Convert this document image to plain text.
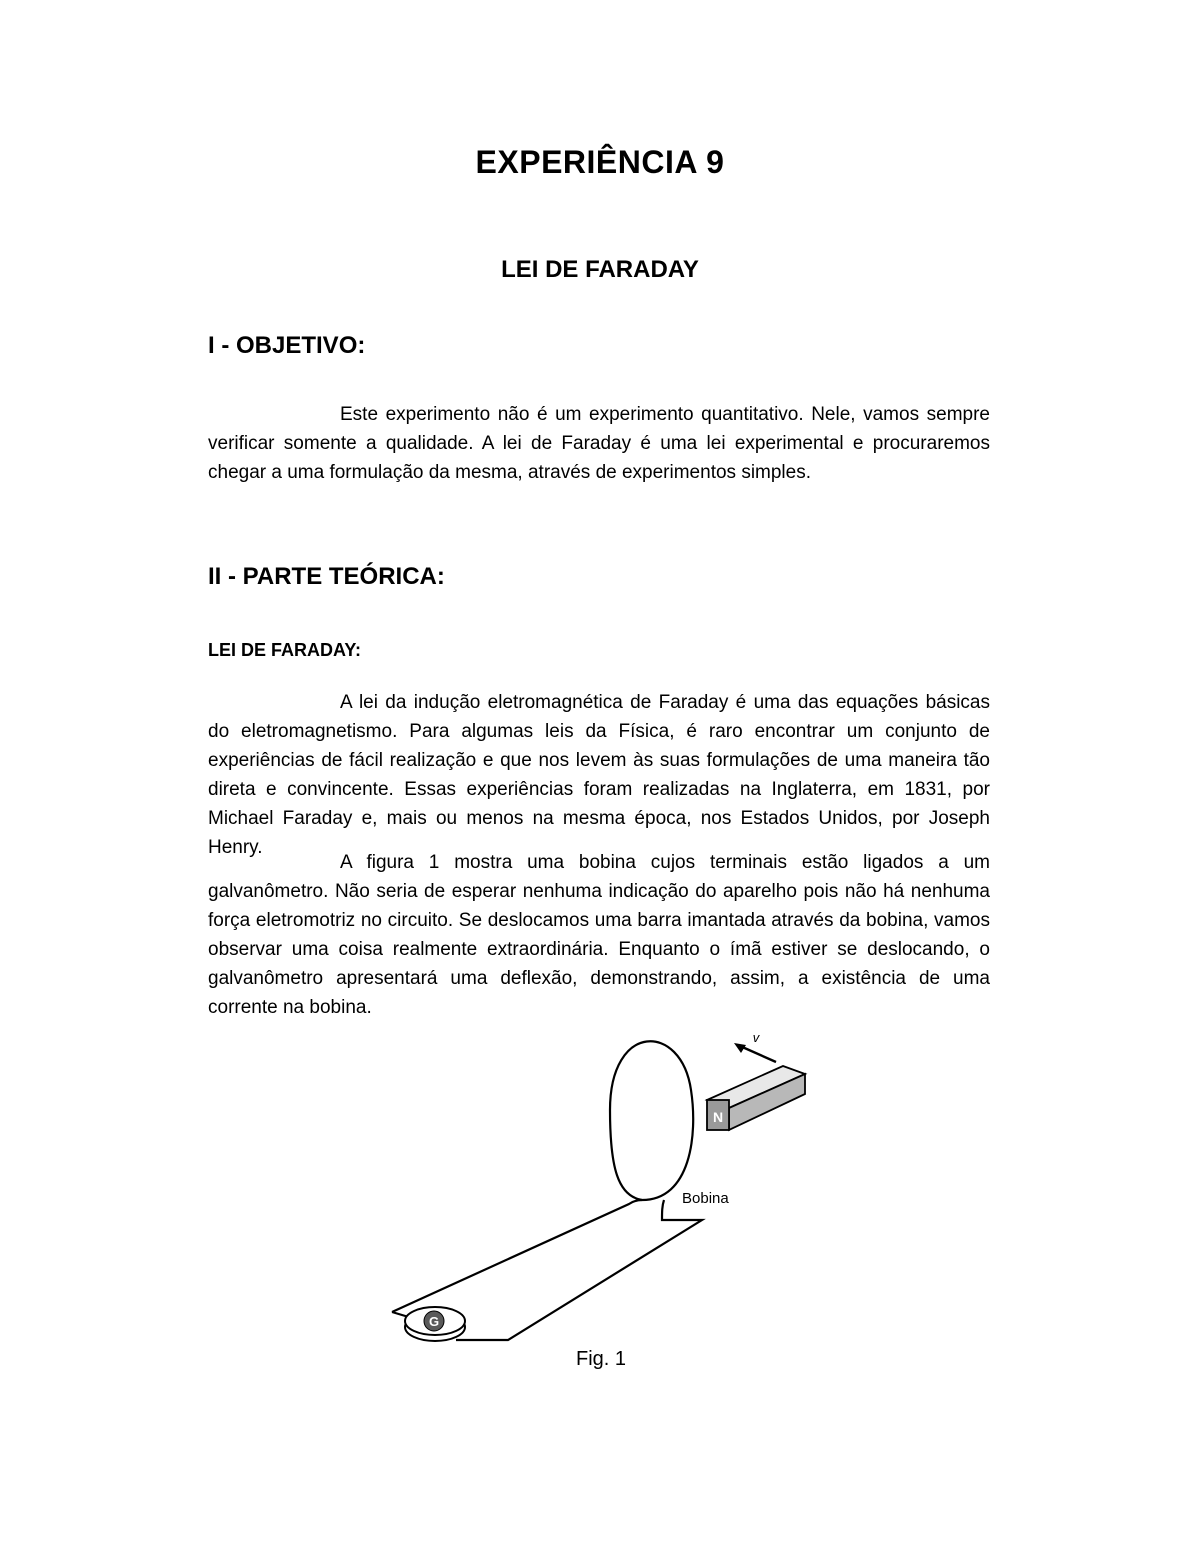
EXPERIÊNCIA 9
LEI DE FARADAY
I - OBJETIVO:

Este experimento não é um experimento quantitativo. Nele, vamos sempre verificar somente a qualidade. A lei de Faraday é uma lei experimental e procuraremos chegar a uma formulação da mesma, através de experimentos simples.

II - PARTE TEÓRICA:
LEI DE FARADAY:

A lei da indução eletromagnética de Faraday é uma das equações básicas do eletromagnetismo. Para algumas leis da Física, é raro encontrar um conjunto de experiências de fácil realização e que nos levem às suas formulações de uma maneira tão direta e convincente. Essas experiências foram realizadas na Inglaterra, em 1831, por Michael Faraday e, mais ou menos na mesma época, nos Estados Unidos, por Joseph Henry.

A figura 1 mostra uma bobina cujos terminais estão ligados a um galvanômetro. Não seria de esperar nenhuma indicação do aparelho pois não há nenhuma força eletromotriz no circuito. Se deslocamos uma barra imantada através da bobina, vamos observar uma coisa realmente extraordinária. Enquanto o ímã estiver se deslocando, o galvanômetro apresentará uma deflexão, demonstrando, assim, a existência de uma corrente na bobina.

G
N
v
Bobina
Fig. 1
